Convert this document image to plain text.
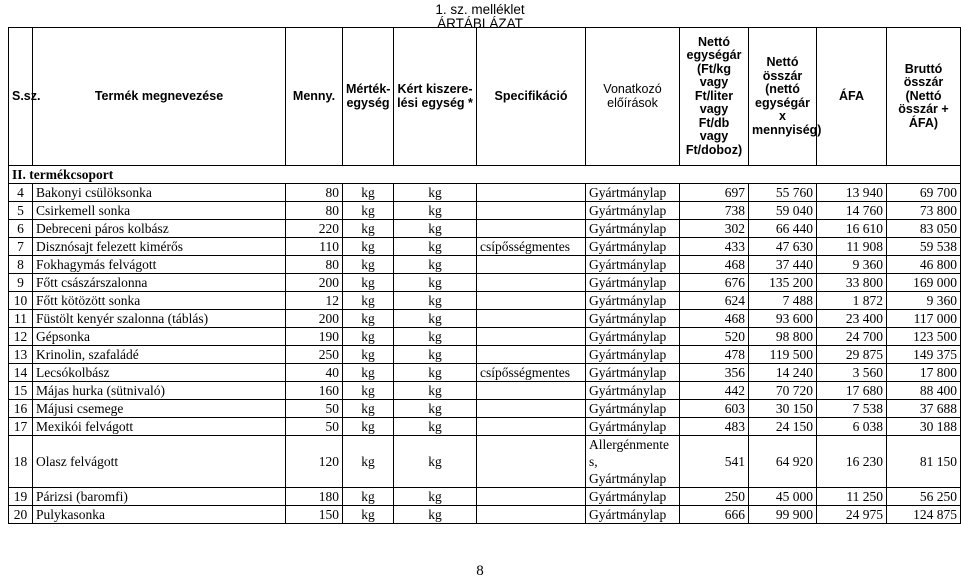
1. sz. melléklet
ÁRTÁBLÁZAT
S.sz.	Termék megnevezése	Menny.	Mérték-egység	Kért kiszere-lési egység *	Specifikáció	Vonatkozó előírások	Nettó egységár (Ft/kg vagy Ft/liter vagy Ft/db vagy Ft/doboz)	Nettó összár (nettó egységár x mennyiség)	ÁFA	Bruttó összár (Nettó összár + ÁFA)
II. termékcsoport										
4	Bakonyi csülöksonka	80	kg	kg		Gyártmánylap	697	55 760	13 940	69 700
5	Csirkemell sonka	80	kg	kg		Gyártmánylap	738	59 040	14 760	73 800
6	Debreceni páros kolbász	220	kg	kg		Gyártmánylap	302	66 440	16 610	83 050
7	Disznósajt felezett kimérős	110	kg	kg	csípősségmentes	Gyártmánylap	433	47 630	11 908	59 538
8	Fokhagymás felvágott	80	kg	kg		Gyártmánylap	468	37 440	9 360	46 800
9	Főtt császárszalonna	200	kg	kg		Gyártmánylap	676	135 200	33 800	169 000
10	Főtt kötözött sonka	12	kg	kg		Gyártmánylap	624	7 488	1 872	9 360
11	Füstölt kenyér szalonna (táblás)	200	kg	kg		Gyártmánylap	468	93 600	23 400	117 000
12	Gépsonka	190	kg	kg		Gyártmánylap	520	98 800	24 700	123 500
13	Krinolin, szafaládé	250	kg	kg		Gyártmánylap	478	119 500	29 875	149 375
14	Lecsókolbász	40	kg	kg	csípősségmentes	Gyártmánylap	356	14 240	3 560	17 800
15	Májas hurka (sütnivaló)	160	kg	kg		Gyártmánylap	442	70 720	17 680	88 400
16	Májusi csemege	50	kg	kg		Gyártmánylap	603	30 150	7 538	37 688
17	Mexikói felvágott	50	kg	kg		Gyártmánylap	483	24 150	6 038	30 188
18	Olasz felvágott	120	kg	kg		Allergénmente s, Gyártmánylap	541	64 920	16 230	81 150
19	Párizsi (baromfi)	180	kg	kg		Gyártmánylap	250	45 000	11 250	56 250
20	Pulykasonka	150	kg	kg		Gyártmánylap	666	99 900	24 975	124 875
8
